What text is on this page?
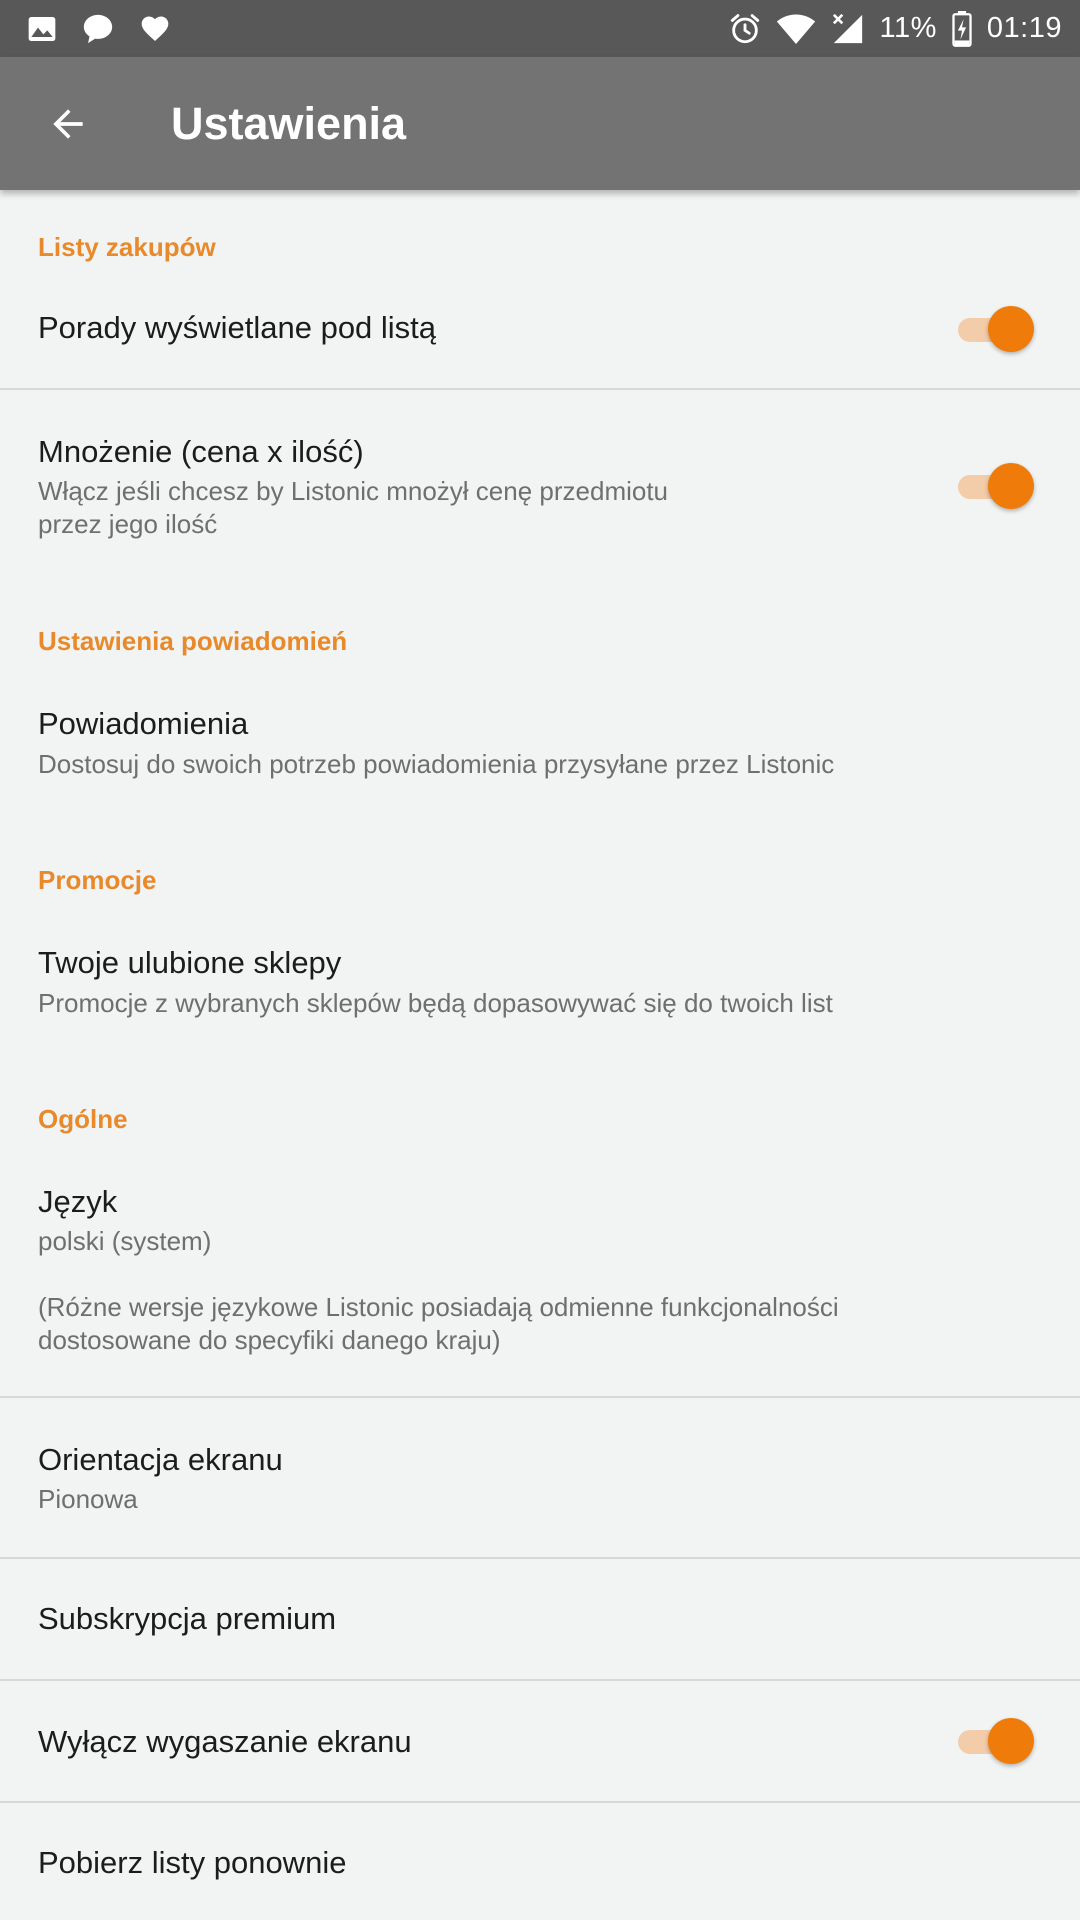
11% 01:19
Ustawienia
Listy zakupów
Porady wyświetlane pod listą
Mnożenie (cena x ilość)
Włącz jeśli chcesz by Listonic mnożył cenę przedmiotu
przez jego ilość
Ustawienia powiadomień
Powiadomienia
Dostosuj do swoich potrzeb powiadomienia przysyłane przez Listonic
Promocje
Twoje ulubione sklepy
Promocje z wybranych sklepów będą dopasowywać się do twoich list
Ogólne
Język
polski (system)
(Różne wersje językowe Listonic posiadają odmienne funkcjonalności
dostosowane do specyfiki danego kraju)
Orientacja ekranu
Pionowa
Subskrypcja premium
Wyłącz wygaszanie ekranu
Pobierz listy ponownie
